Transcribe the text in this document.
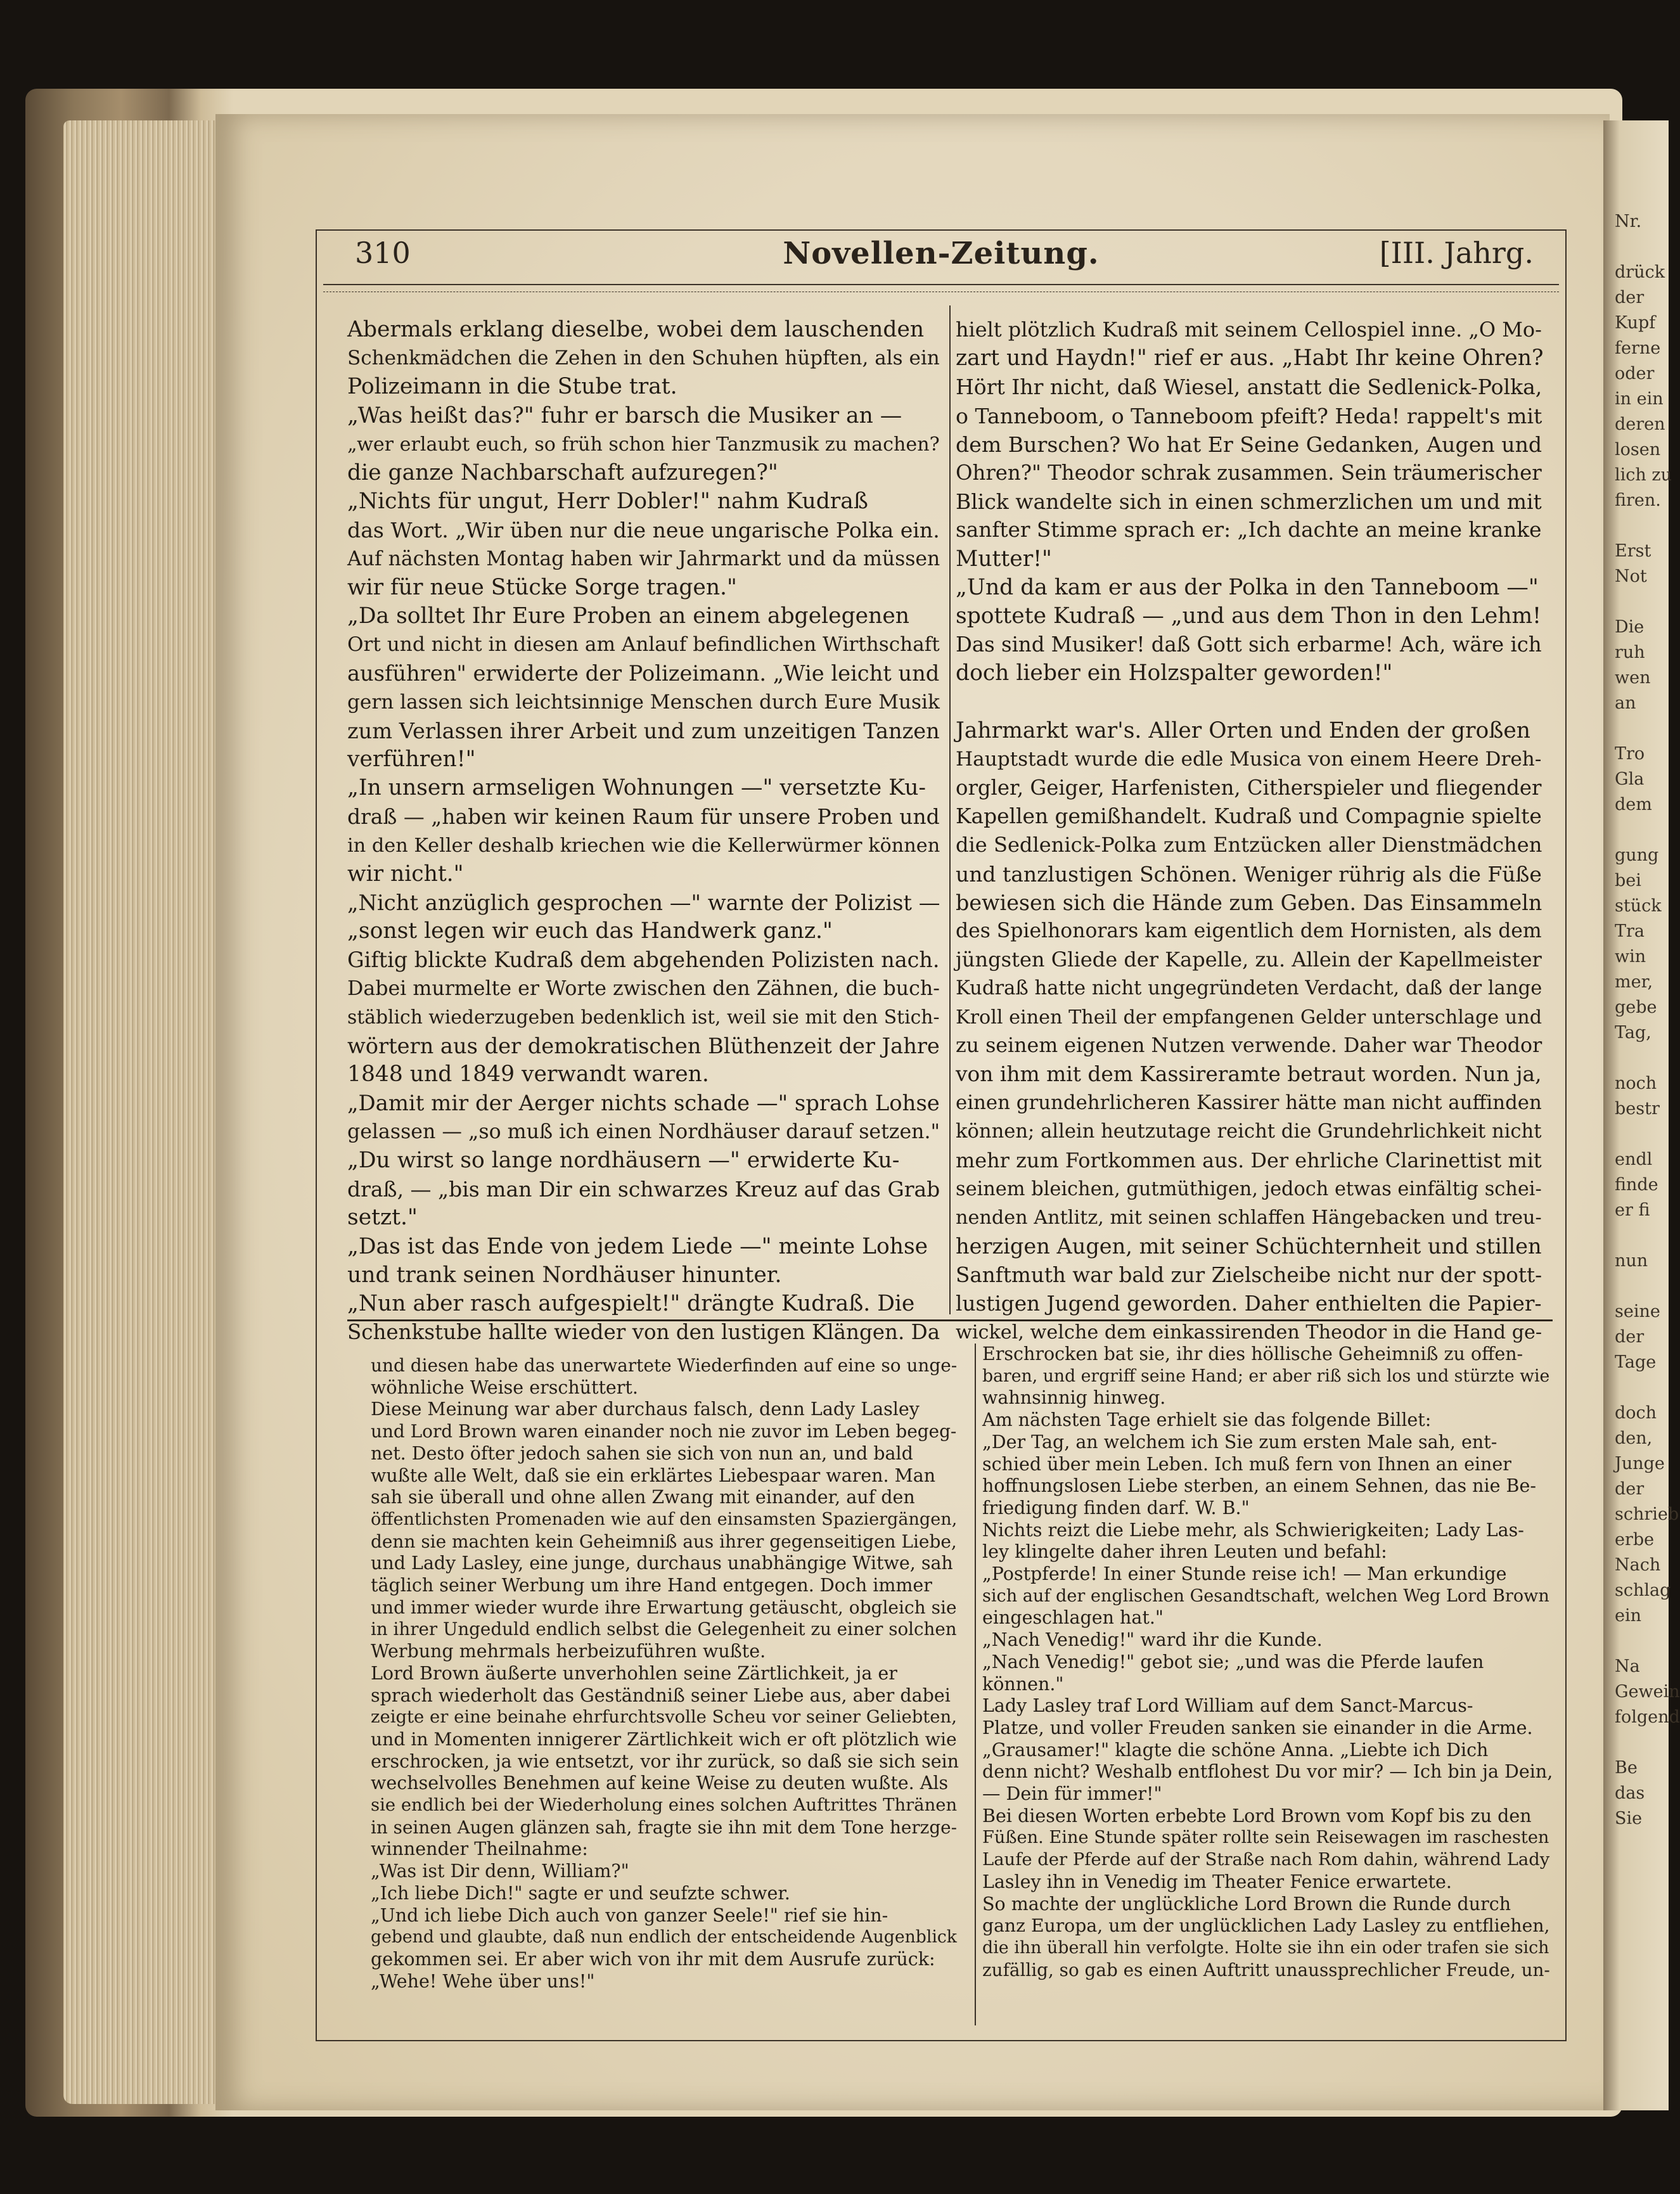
Nr.

drück
der
Kupf
ferne
oder
in ein
deren
losen
lich zu
firen.

Erst
Not

Die
ruh
wen
an

Tro
Gla
dem

gung
bei
stück
Tra
win
mer,
gebe
Tag,

noch
bestr

endl
finde
er fi

nun

seine
der
Tage

doch
den,
Junge
der
schrieb
erbe
Nach
schlag
ein

Na
Gewein
folgend

Be
das
Sie
310	Novellen-Zeitung.	[III. Jahrg.
Abermals erklang dieselbe, wobei dem lauschenden
Schenkmädchen die Zehen in den Schuhen hüpften, als ein
Polizeimann in die Stube trat.
„Was heißt das?" fuhr er barsch die Musiker an —
„wer erlaubt euch, so früh schon hier Tanzmusik zu machen?
die ganze Nachbarschaft aufzuregen?"
„Nichts für ungut, Herr Dobler!" nahm Kudraß
das Wort. „Wir üben nur die neue ungarische Polka ein.
Auf nächsten Montag haben wir Jahrmarkt und da müssen
wir für neue Stücke Sorge tragen."
„Da solltet Ihr Eure Proben an einem abgelegenen
Ort und nicht in diesen am Anlauf befindlichen Wirthschaft
ausführen" erwiderte der Polizeimann. „Wie leicht und
gern lassen sich leichtsinnige Menschen durch Eure Musik
zum Verlassen ihrer Arbeit und zum unzeitigen Tanzen
verführen!"
„In unsern armseligen Wohnungen —" versetzte Ku-
draß — „haben wir keinen Raum für unsere Proben und
in den Keller deshalb kriechen wie die Kellerwürmer können
wir nicht."
„Nicht anzüglich gesprochen —" warnte der Polizist —
„sonst legen wir euch das Handwerk ganz."
Giftig blickte Kudraß dem abgehenden Polizisten nach.
Dabei murmelte er Worte zwischen den Zähnen, die buch-
stäblich wiederzugeben bedenklich ist, weil sie mit den Stich-
wörtern aus der demokratischen Blüthenzeit der Jahre
1848 und 1849 verwandt waren.
„Damit mir der Aerger nichts schade —" sprach Lohse
gelassen — „so muß ich einen Nordhäuser darauf setzen."
„Du wirst so lange nordhäusern —" erwiderte Ku-
draß, — „bis man Dir ein schwarzes Kreuz auf das Grab
setzt."
„Das ist das Ende von jedem Liede —" meinte Lohse
und trank seinen Nordhäuser hinunter.
„Nun aber rasch aufgespielt!" drängte Kudraß. Die
Schenkstube hallte wieder von den lustigen Klängen. Da
hielt plötzlich Kudraß mit seinem Cellospiel inne. „O Mo-
zart und Haydn!" rief er aus. „Habt Ihr keine Ohren?
Hört Ihr nicht, daß Wiesel, anstatt die Sedlenick-Polka,
o Tanneboom, o Tanneboom pfeift? Heda! rappelt's mit
dem Burschen? Wo hat Er Seine Gedanken, Augen und
Ohren?" Theodor schrak zusammen. Sein träumerischer
Blick wandelte sich in einen schmerzlichen um und mit
sanfter Stimme sprach er: „Ich dachte an meine kranke
Mutter!"
„Und da kam er aus der Polka in den Tanneboom —"
spottete Kudraß — „und aus dem Thon in den Lehm!
Das sind Musiker! daß Gott sich erbarme! Ach, wäre ich
doch lieber ein Holzspalter geworden!"
Jahrmarkt war's. Aller Orten und Enden der großen
Hauptstadt wurde die edle Musica von einem Heere Dreh-
orgler, Geiger, Harfenisten, Citherspieler und fliegender
Kapellen gemißhandelt. Kudraß und Compagnie spielte
die Sedlenick-Polka zum Entzücken aller Dienstmädchen
und tanzlustigen Schönen. Weniger rührig als die Füße
bewiesen sich die Hände zum Geben. Das Einsammeln
des Spielhonorars kam eigentlich dem Hornisten, als dem
jüngsten Gliede der Kapelle, zu. Allein der Kapellmeister
Kudraß hatte nicht ungegründeten Verdacht, daß der lange
Kroll einen Theil der empfangenen Gelder unterschlage und
zu seinem eigenen Nutzen verwende. Daher war Theodor
von ihm mit dem Kassireramte betraut worden. Nun ja,
einen grundehrlicheren Kassirer hätte man nicht auffinden
können; allein heutzutage reicht die Grundehrlichkeit nicht
mehr zum Fortkommen aus. Der ehrliche Clarinettist mit
seinem bleichen, gutmüthigen, jedoch etwas einfältig schei-
nenden Antlitz, mit seinen schlaffen Hängebacken und treu-
herzigen Augen, mit seiner Schüchternheit und stillen
Sanftmuth war bald zur Zielscheibe nicht nur der spott-
lustigen Jugend geworden. Daher enthielten die Papier-
wickel, welche dem einkassirenden Theodor in die Hand ge-
und diesen habe das unerwartete Wiederfinden auf eine so unge-
wöhnliche Weise erschüttert.
Diese Meinung war aber durchaus falsch, denn Lady Lasley
und Lord Brown waren einander noch nie zuvor im Leben begeg-
net. Desto öfter jedoch sahen sie sich von nun an, und bald
wußte alle Welt, daß sie ein erklärtes Liebespaar waren. Man
sah sie überall und ohne allen Zwang mit einander, auf den
öffentlichsten Promenaden wie auf den einsamsten Spaziergängen,
denn sie machten kein Geheimniß aus ihrer gegenseitigen Liebe,
und Lady Lasley, eine junge, durchaus unabhängige Witwe, sah
täglich seiner Werbung um ihre Hand entgegen. Doch immer
und immer wieder wurde ihre Erwartung getäuscht, obgleich sie
in ihrer Ungeduld endlich selbst die Gelegenheit zu einer solchen
Werbung mehrmals herbeizuführen wußte.
Lord Brown äußerte unverhohlen seine Zärtlichkeit, ja er
sprach wiederholt das Geständniß seiner Liebe aus, aber dabei
zeigte er eine beinahe ehrfurchtsvolle Scheu vor seiner Geliebten,
und in Momenten innigerer Zärtlichkeit wich er oft plötzlich wie
erschrocken, ja wie entsetzt, vor ihr zurück, so daß sie sich sein
wechselvolles Benehmen auf keine Weise zu deuten wußte. Als
sie endlich bei der Wiederholung eines solchen Auftrittes Thränen
in seinen Augen glänzen sah, fragte sie ihn mit dem Tone herzge-
winnender Theilnahme:
„Was ist Dir denn, William?"
„Ich liebe Dich!" sagte er und seufzte schwer.
„Und ich liebe Dich auch von ganzer Seele!" rief sie hin-
gebend und glaubte, daß nun endlich der entscheidende Augenblick
gekommen sei. Er aber wich von ihr mit dem Ausrufe zurück:
„Wehe! Wehe über uns!"
Erschrocken bat sie, ihr dies höllische Geheimniß zu offen-
baren, und ergriff seine Hand; er aber riß sich los und stürzte wie
wahnsinnig hinweg.
Am nächsten Tage erhielt sie das folgende Billet:
„Der Tag, an welchem ich Sie zum ersten Male sah, ent-
schied über mein Leben. Ich muß fern von Ihnen an einer
hoffnungslosen Liebe sterben, an einem Sehnen, das nie Be-
friedigung finden darf. W. B."
Nichts reizt die Liebe mehr, als Schwierigkeiten; Lady Las-
ley klingelte daher ihren Leuten und befahl:
„Postpferde! In einer Stunde reise ich! — Man erkundige
sich auf der englischen Gesandtschaft, welchen Weg Lord Brown
eingeschlagen hat."
„Nach Venedig!" ward ihr die Kunde.
„Nach Venedig!" gebot sie; „und was die Pferde laufen
können."
Lady Lasley traf Lord William auf dem Sanct-Marcus-
Platze, und voller Freuden sanken sie einander in die Arme.
„Grausamer!" klagte die schöne Anna. „Liebte ich Dich
denn nicht? Weshalb entflohest Du vor mir? — Ich bin ja Dein,
— Dein für immer!"
Bei diesen Worten erbebte Lord Brown vom Kopf bis zu den
Füßen. Eine Stunde später rollte sein Reisewagen im raschesten
Laufe der Pferde auf der Straße nach Rom dahin, während Lady
Lasley ihn in Venedig im Theater Fenice erwartete.
So machte der unglückliche Lord Brown die Runde durch
ganz Europa, um der unglücklichen Lady Lasley zu entfliehen,
die ihn überall hin verfolgte. Holte sie ihn ein oder trafen sie sich
zufällig, so gab es einen Auftritt unaussprechlicher Freude, un-
